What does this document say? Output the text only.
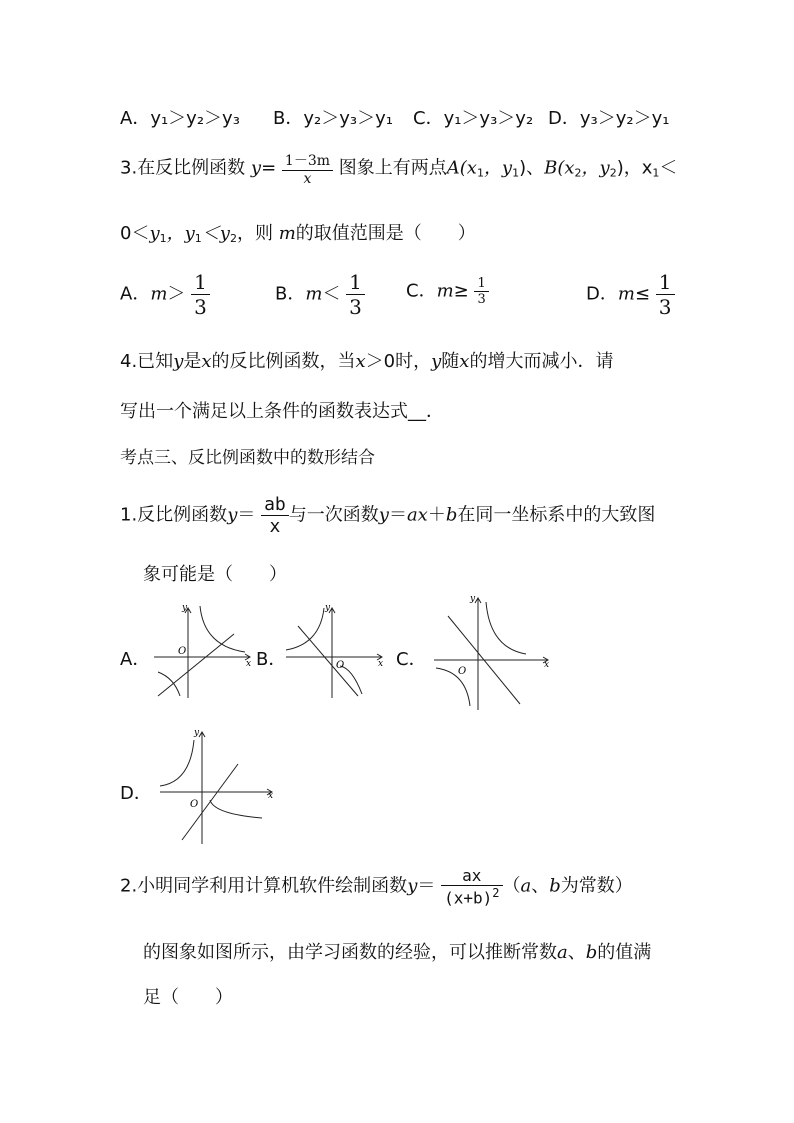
A．y₁＞y₂＞y₃ B．y₂＞y₃＞y₁ C．y₁＞y₃＞y₂ D．y₃＞y₂＞y₁
3.在反比例函数 $y= \frac{1-3m}{x}$ 图象上有两点$A(x_1$，$y_1$)、$B(x_2$，$y_2$)，$x_1<$
$0<y_1$，$y_1<y_2$，则 m的取值范围是（　　）
A．$m> \frac{1}{3}$	B．$m< \frac{1}{3}$ C．$m\ge \frac{1}{3}$	D．$m\le \frac{1}{3}$
4.已知y是x的反比例函数，当x＞0时，y随x的增大而减小．请
写出一个满足以上条件的函数表达式__．
考点三、反比例函数中的数形结合
1.反比例函数$y= \frac{ab}{x}$ 与一次函数y＝ax＋b在同一坐标系中的大致图
象可能是（　　）
A．	B．	C．
D．
x
y
O
x
y
O	x
y
O
x
y
O
2.小明同学利用计算机软件绘制函数$y= \frac{ax}{(x+b)^2} (a$、b为常数）
的图象如图所示，由学习函数的经验，可以推断常数a、b的值满
足（　　）
